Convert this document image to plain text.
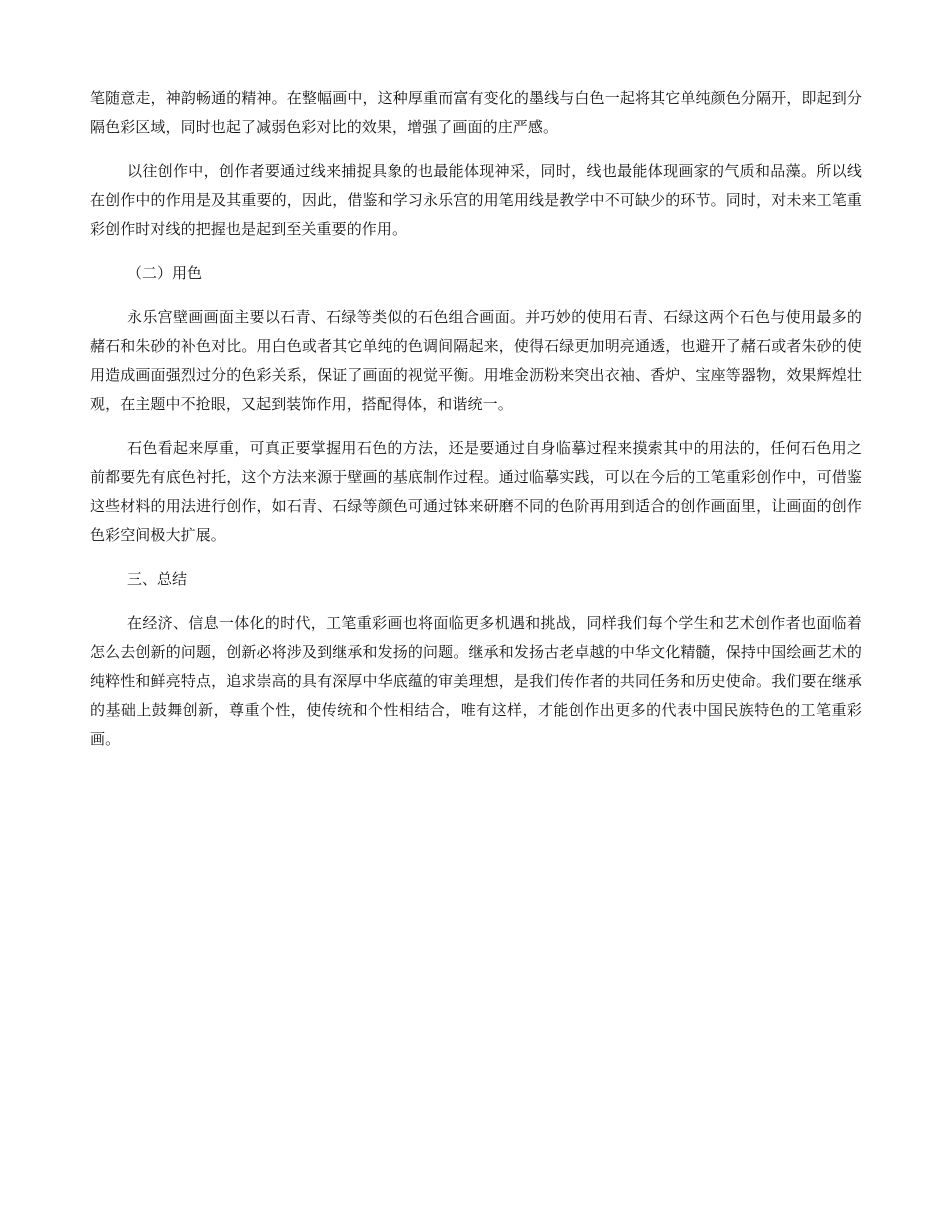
笔随意走，神韵畅通的精神。在整幅画中，这种厚重而富有变化的墨线与白色一起将其它单纯颜色分隔开，即起到分隔色彩区域，同时也起了减弱色彩对比的效果，增强了画面的庄严感。

以往创作中，创作者要通过线来捕捉具象的也最能体现神采，同时，线也最能体现画家的气质和品藻。所以线在创作中的作用是及其重要的，因此，借鉴和学习永乐宫的用笔用线是教学中不可缺少的环节。同时，对未来工笔重彩创作时对线的把握也是起到至关重要的作用。

（二）用色

永乐宫壁画画面主要以石青、石绿等类似的石色组合画面。并巧妙的使用石青、石绿这两个石色与使用最多的赭石和朱砂的补色对比。用白色或者其它单纯的色调间隔起来，使得石绿更加明亮通透，也避开了赭石或者朱砂的使用造成画面强烈过分的色彩关系，保证了画面的视觉平衡。用堆金沥粉来突出衣袖、香炉、宝座等器物，效果辉煌壮观，在主题中不抢眼，又起到装饰作用，搭配得体，和谐统一。

石色看起来厚重，可真正要掌握用石色的方法，还是要通过自身临摹过程来摸索其中的用法的，任何石色用之前都要先有底色衬托，这个方法来源于壁画的基底制作过程。通过临摹实践，可以在今后的工笔重彩创作中，可借鉴这些材料的用法进行创作，如石青、石绿等颜色可通过钵来研磨不同的色阶再用到适合的创作画面里，让画面的创作色彩空间极大扩展。

三、总结

在经济、信息一体化的时代，工笔重彩画也将面临更多机遇和挑战，同样我们每个学生和艺术创作者也面临着怎么去创新的问题，创新必将涉及到继承和发扬的问题。继承和发扬古老卓越的中华文化精髓，保持中国绘画艺术的纯粹性和鲜亮特点，追求崇高的具有深厚中华底蕴的审美理想，是我们传作者的共同任务和历史使命。我们要在继承的基础上鼓舞创新，尊重个性，使传统和个性相结合，唯有这样，才能创作出更多的代表中国民族特色的工笔重彩画。
